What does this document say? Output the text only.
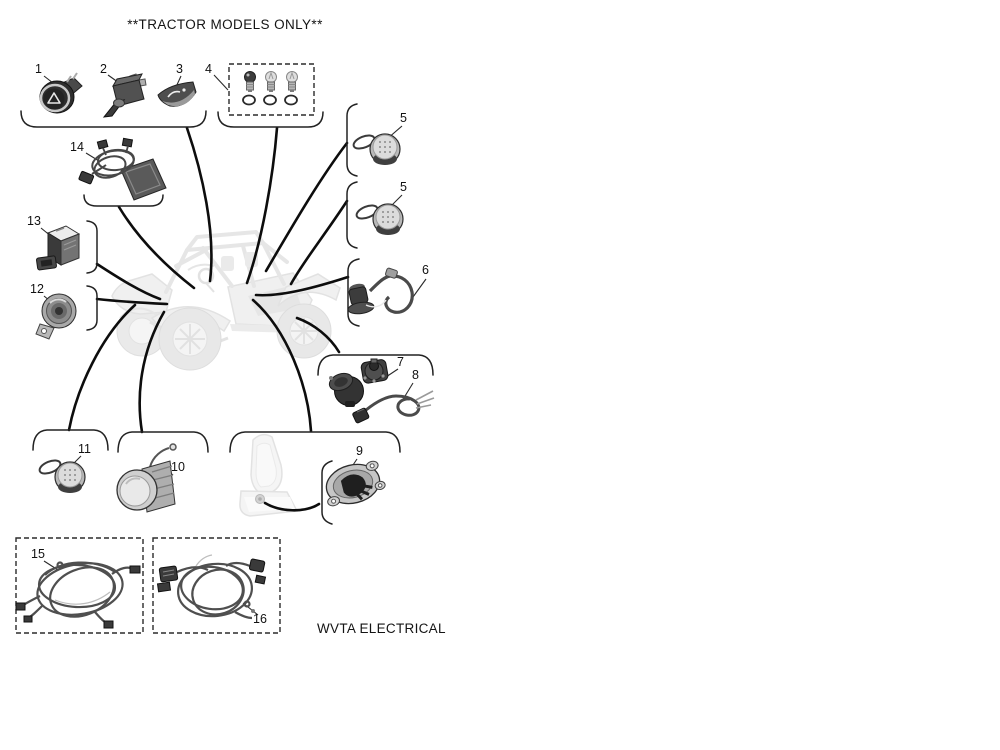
**TRACTOR MODELS ONLY**
WVTA ELECTRICAL
1	2	3 4
5
5
6
7
8
9
10
11
12
13
14
15
16
